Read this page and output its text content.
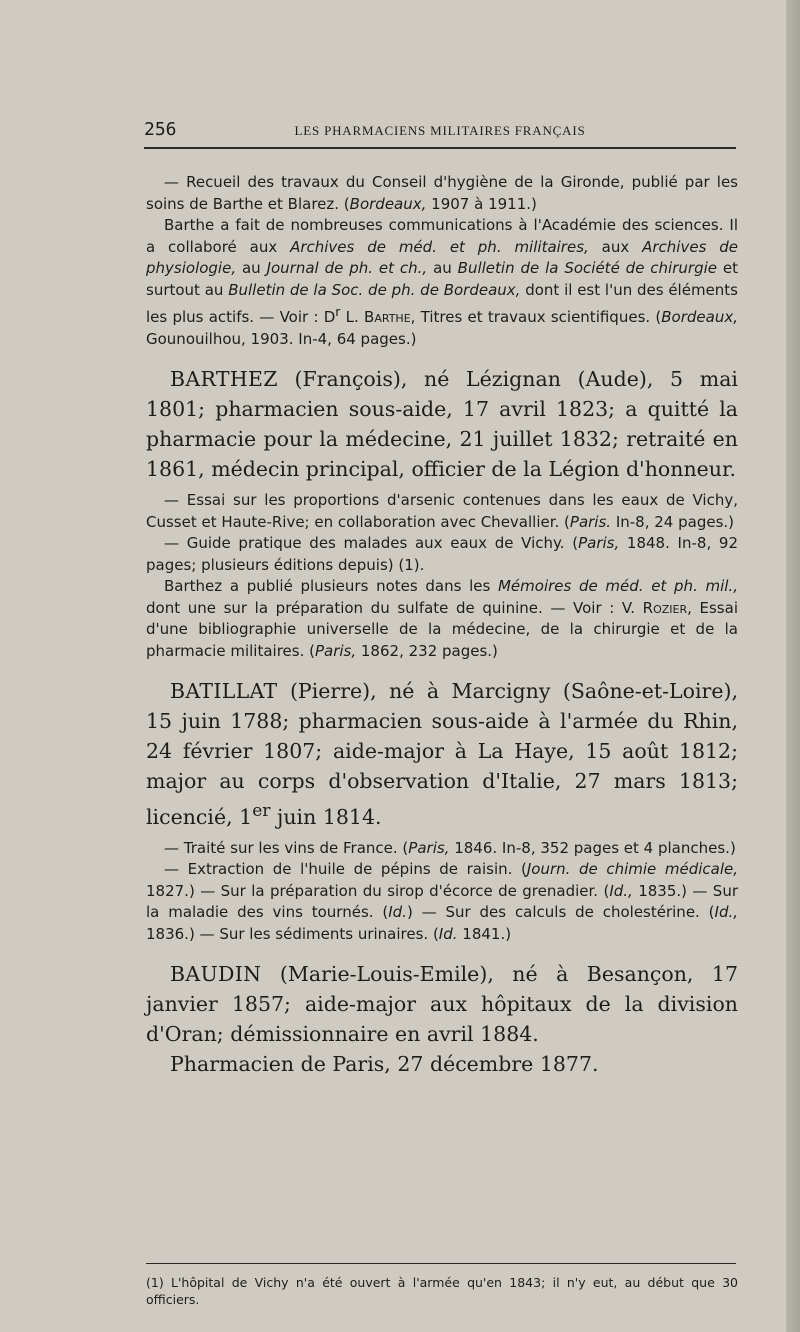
256	LES PHARMACIENS MILITAIRES FRANÇAIS

— Recueil des travaux du Conseil d'hygiène de la Gironde, publié par les soins de Barthe et Blarez. (Bordeaux, 1907 à 1911.)

Barthe a fait de nombreuses communications à l'Académie des sciences. Il a collaboré aux Archives de méd. et ph. militaires, aux Archives de physiologie, au Journal de ph. et ch., au Bulletin de la Société de chirurgie et surtout au Bulletin de la Soc. de ph. de Bordeaux, dont il est l'un des éléments les plus actifs. — Voir : $D^r$ L. Barthe, Titres et travaux scientifiques. (Bordeaux, Gounouilhou, 1903. In-4, 64 pages.)

BARTHEZ (François), né Lézignan (Aude), 5 mai 1801; pharmacien sous-aide, 17 avril 1823; a quitté la pharmacie pour la médecine, 21 juillet 1832; retraité en 1861, médecin principal, officier de la Légion d'honneur.

— Essai sur les proportions d'arsenic contenues dans les eaux de Vichy, Cusset et Haute-Rive; en collaboration avec Chevallier. (Paris. In-8, 24 pages.)

— Guide pratique des malades aux eaux de Vichy. (Paris, 1848. In-8, 92 pages; plusieurs éditions depuis) (1).

Barthez a publié plusieurs notes dans les Mémoires de méd. et ph. mil., dont une sur la préparation du sulfate de quinine. — Voir : V. Rozier, Essai d'une bibliographie universelle de la médecine, de la chirurgie et de la pharmacie militaires. (Paris, 1862, 232 pages.)

BATILLAT (Pierre), né à Marcigny (Saône-et-Loire), 15 juin 1788; pharmacien sous-aide à l'armée du Rhin, 24 février 1807; aide-major à La Haye, 15 août 1812; major au corps d'observation d'Italie, 27 mars 1813; licencié, 1er juin 1814.

— Traité sur les vins de France. (Paris, 1846. In-8, 352 pages et 4 planches.)

— Extraction de l'huile de pépins de raisin. (Journ. de chimie médicale, 1827.) — Sur la préparation du sirop d'écorce de grenadier. (Id., 1835.) — Sur la maladie des vins tournés. (Id.) — Sur des calculs de cholestérine. (Id., 1836.) — Sur les sédiments urinaires. (Id. 1841.)

BAUDIN (Marie-Louis-Emile), né à Besançon, 17 janvier 1857; aide-major aux hôpitaux de la division d'Oran; démissionnaire en avril 1884.

Pharmacien de Paris, 27 décembre 1877.

(1) L'hôpital de Vichy n'a été ouvert à l'armée qu'en 1843; il n'y eut, au début que 30 officiers.
